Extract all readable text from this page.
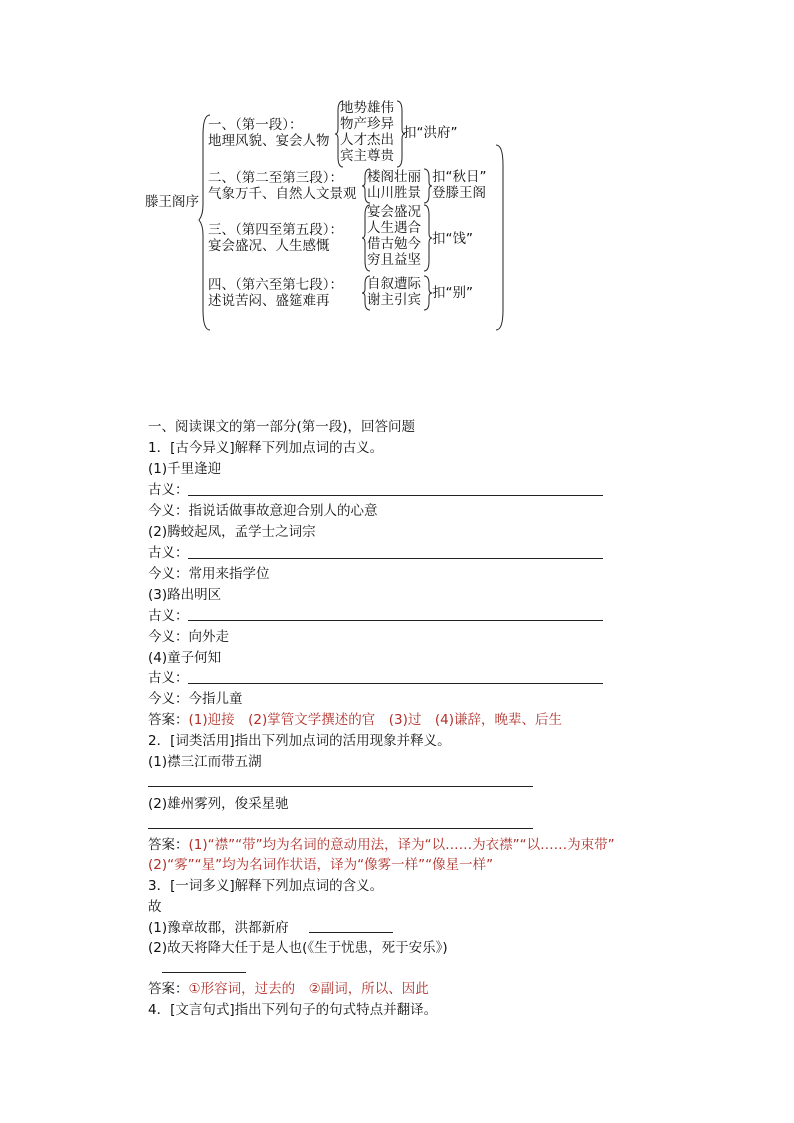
滕王阁序
一、（第一段）：
地理风貌、宴会人物
地势雄伟
物产珍异
人才杰出
宾主尊贵
扣“洪府”
二、（第二至第三段）：
气象万千、自然人文景观
楼阁壮丽
山川胜景
扣“秋日”
登滕王阁
三、（第四至第五段）：
宴会盛况、人生感慨
宴会盛况
人生遇合
借古勉今
穷且益坚
扣“饯”
四、（第六至第七段）：
述说苦闷、盛筵难再
自叙遭际
谢主引宾 扣“别”
一、阅读课文的第一部分(第一段)，回答问题
1．[古今异义]解释下列加点词的古义。
(1)千里逢迎
古义：
今义：指说话做事故意迎合别人的心意
(2)腾蛟起凤，孟学士之词宗
古义：
今义：常用来指学位
(3)路出明区
古义：
今义：向外走
(4)童子何知
古义：
今义：今指儿童
答案：(1)迎接　(2)掌管文学撰述的官　(3)过　(4)谦辞，晚辈、后生
2．[词类活用]指出下列加点词的活用现象并释义。
(1)襟三江而带五湖
(2)雄州雾列，俊采星驰
答案：(1)“襟”“带”均为名词的意动用法，译为“以……为衣襟”“以……为束带”
(2)“雾”“星”均为名词作状语，译为“像雾一样”“像星一样”
3．[一词多义]解释下列加点词的含义。
故
(1)豫章故郡，洪都新府
(2)故天将降大任于是人也(《生于忧患，死于安乐》)
答案：①形容词，过去的　②副词，所以、因此
4．[文言句式]指出下列句子的句式特点并翻译。
